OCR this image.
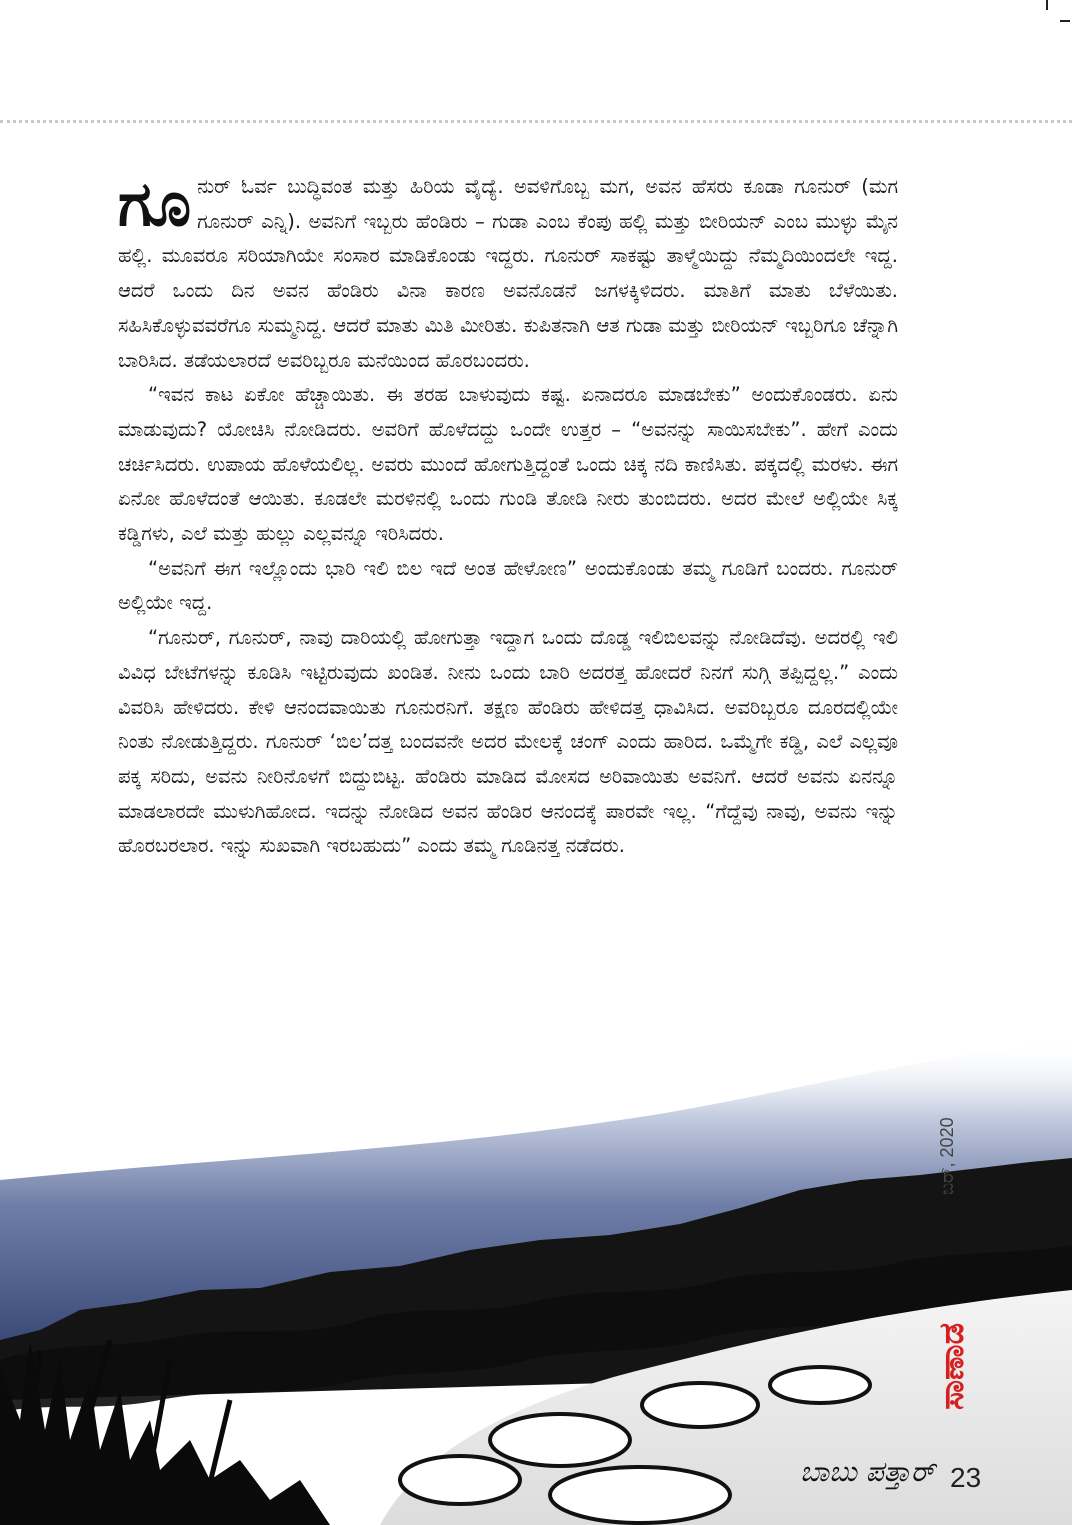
ಗೂನುರ್ ಓರ್ವ ಬುದ್ಧಿವಂತ ಮತ್ತು ಹಿರಿಯ ವೈದ್ಯೆ. ಅವಳಿಗೊಬ್ಬ ಮಗ, ಅವನ ಹೆಸರು ಕೂಡಾ ಗೂನುರ್ (ಮಗ ಗೂನುರ್ ಎನ್ನಿ). ಅವನಿಗೆ ಇಬ್ಬರು ಹೆಂಡಿರು – ಗುಡಾ ಎಂಬ ಕೆಂಪು ಹಲ್ಲಿ ಮತ್ತು ಬೀರಿಯನ್ ಎಂಬ ಮುಳ್ಳು ಮೈನ ಹಲ್ಲಿ. ಮೂವರೂ ಸರಿಯಾಗಿಯೇ ಸಂಸಾರ ಮಾಡಿಕೊಂಡು ಇದ್ದರು. ಗೂನುರ್ ಸಾಕಷ್ಟು ತಾಳ್ಮೆಯಿದ್ದು ನೆಮ್ಮದಿಯಿಂದಲೇ ಇದ್ದ. ಆದರೆ ಒಂದು ದಿನ ಅವನ ಹೆಂಡಿರು ವಿನಾ ಕಾರಣ ಅವನೊಡನೆ ಜಗಳಕ್ಕಿಳಿದರು. ಮಾತಿಗೆ ಮಾತು ಬೆಳೆಯಿತು. ಸಹಿಸಿಕೊಳ್ಳುವವರೆಗೂ ಸುಮ್ಮನಿದ್ದ. ಆದರೆ ಮಾತು ಮಿತಿ ಮೀರಿತು. ಕುಪಿತನಾಗಿ ಆತ ಗುಡಾ ಮತ್ತು ಬೀರಿಯನ್ ಇಬ್ಬರಿಗೂ ಚೆನ್ನಾಗಿ ಬಾರಿಸಿದ. ತಡೆಯಲಾರದೆ ಅವರಿಬ್ಬರೂ ಮನೆಯಿಂದ ಹೊರಬಂದರು.

“ಇವನ ಕಾಟ ಏಕೋ ಹೆಚ್ಚಾಯಿತು. ಈ ತರಹ ಬಾಳುವುದು ಕಷ್ಟ. ಏನಾದರೂ ಮಾಡಬೇಕು” ಅಂದುಕೊಂಡರು. ಏನು ಮಾಡುವುದು? ಯೋಚಿಸಿ ನೋಡಿದರು. ಅವರಿಗೆ ಹೊಳೆದದ್ದು ಒಂದೇ ಉತ್ತರ – “ಅವನನ್ನು ಸಾಯಿಸಬೇಕು”. ಹೇಗೆ ಎಂದು ಚರ್ಚಿಸಿದರು. ಉಪಾಯ ಹೊಳೆಯಲಿಲ್ಲ. ಅವರು ಮುಂದೆ ಹೋಗುತ್ತಿದ್ದಂತೆ ಒಂದು ಚಿಕ್ಕ ನದಿ ಕಾಣಿಸಿತು. ಪಕ್ಕದಲ್ಲಿ ಮರಳು. ಈಗ ಏನೋ ಹೊಳೆದಂತೆ ಆಯಿತು. ಕೂಡಲೇ ಮರಳಿನಲ್ಲಿ ಒಂದು ಗುಂಡಿ ತೋಡಿ ನೀರು ತುಂಬಿದರು. ಅದರ ಮೇಲೆ ಅಲ್ಲಿಯೇ ಸಿಕ್ಕ ಕಡ್ಡಿಗಳು, ಎಲೆ ಮತ್ತು ಹುಲ್ಲು ಎಲ್ಲವನ್ನೂ ಇರಿಸಿದರು.

“ಅವನಿಗೆ ಈಗ ಇಲ್ಲೊಂದು ಭಾರಿ ಇಲಿ ಬಿಲ ಇದೆ ಅಂತ ಹೇಳೋಣ” ಅಂದುಕೊಂಡು ತಮ್ಮ ಗೂಡಿಗೆ ಬಂದರು. ಗೂನುರ್ ಅಲ್ಲಿಯೇ ಇದ್ದ.

“ಗೂನುರ್, ಗೂನುರ್, ನಾವು ದಾರಿಯಲ್ಲಿ ಹೋಗುತ್ತಾ ಇದ್ದಾಗ ಒಂದು ದೊಡ್ಡ ಇಲಿಬಿಲವನ್ನು ನೋಡಿದೆವು. ಅದರಲ್ಲಿ ಇಲಿ ವಿವಿಧ ಬೇಟೆಗಳನ್ನು ಕೂಡಿಸಿ ಇಟ್ಟಿರುವುದು ಖಂಡಿತ. ನೀನು ಒಂದು ಬಾರಿ ಅದರತ್ತ ಹೋದರೆ ನಿನಗೆ ಸುಗ್ಗಿ ತಪ್ಪಿದ್ದಲ್ಲ.” ಎಂದು ವಿವರಿಸಿ ಹೇಳಿದರು. ಕೇಳಿ ಆನಂದವಾಯಿತು ಗೂನುರನಿಗೆ. ತಕ್ಷಣ ಹೆಂಡಿರು ಹೇಳಿದತ್ತ ಧಾವಿಸಿದ. ಅವರಿಬ್ಬರೂ ದೂರದಲ್ಲಿಯೇ ನಿಂತು ನೋಡುತ್ತಿದ್ದರು. ಗೂನುರ್ ‘ಬಿಲ’ದತ್ತ ಬಂದವನೇ ಅದರ ಮೇಲಕ್ಕೆ ಚಂಗ್ ಎಂದು ಹಾರಿದ. ಒಮ್ಮೆಗೇ ಕಡ್ಡಿ, ಎಲೆ ಎಲ್ಲವೂ ಪಕ್ಕ ಸರಿದು, ಅವನು ನೀರಿನೊಳಗೆ ಬಿದ್ದುಬಿಟ್ಟ. ಹೆಂಡಿರು ಮಾಡಿದ ಮೋಸದ ಅರಿವಾಯಿತು ಅವನಿಗೆ. ಆದರೆ ಅವನು ಏನನ್ನೂ ಮಾಡಲಾರದೇ ಮುಳುಗಿಹೋದ. ಇದನ್ನು ನೋಡಿದ ಅವನ ಹೆಂಡಿರ ಆನಂದಕ್ಕೆ ಪಾರವೇ ಇಲ್ಲ. “ಗೆದ್ದೆವು ನಾವು, ಅವನು ಇನ್ನು ಹೊರಬರಲಾರ. ಇನ್ನು ಸುಖವಾಗಿ ಇರಬಹುದು” ಎಂದು ತಮ್ಮ ಗೂಡಿನತ್ತ ನಡೆದರು.

ಬರ್, 2020
ಸಾಣಾಡ
ಬಾಬು ಪತ್ತಾರ್ 23
